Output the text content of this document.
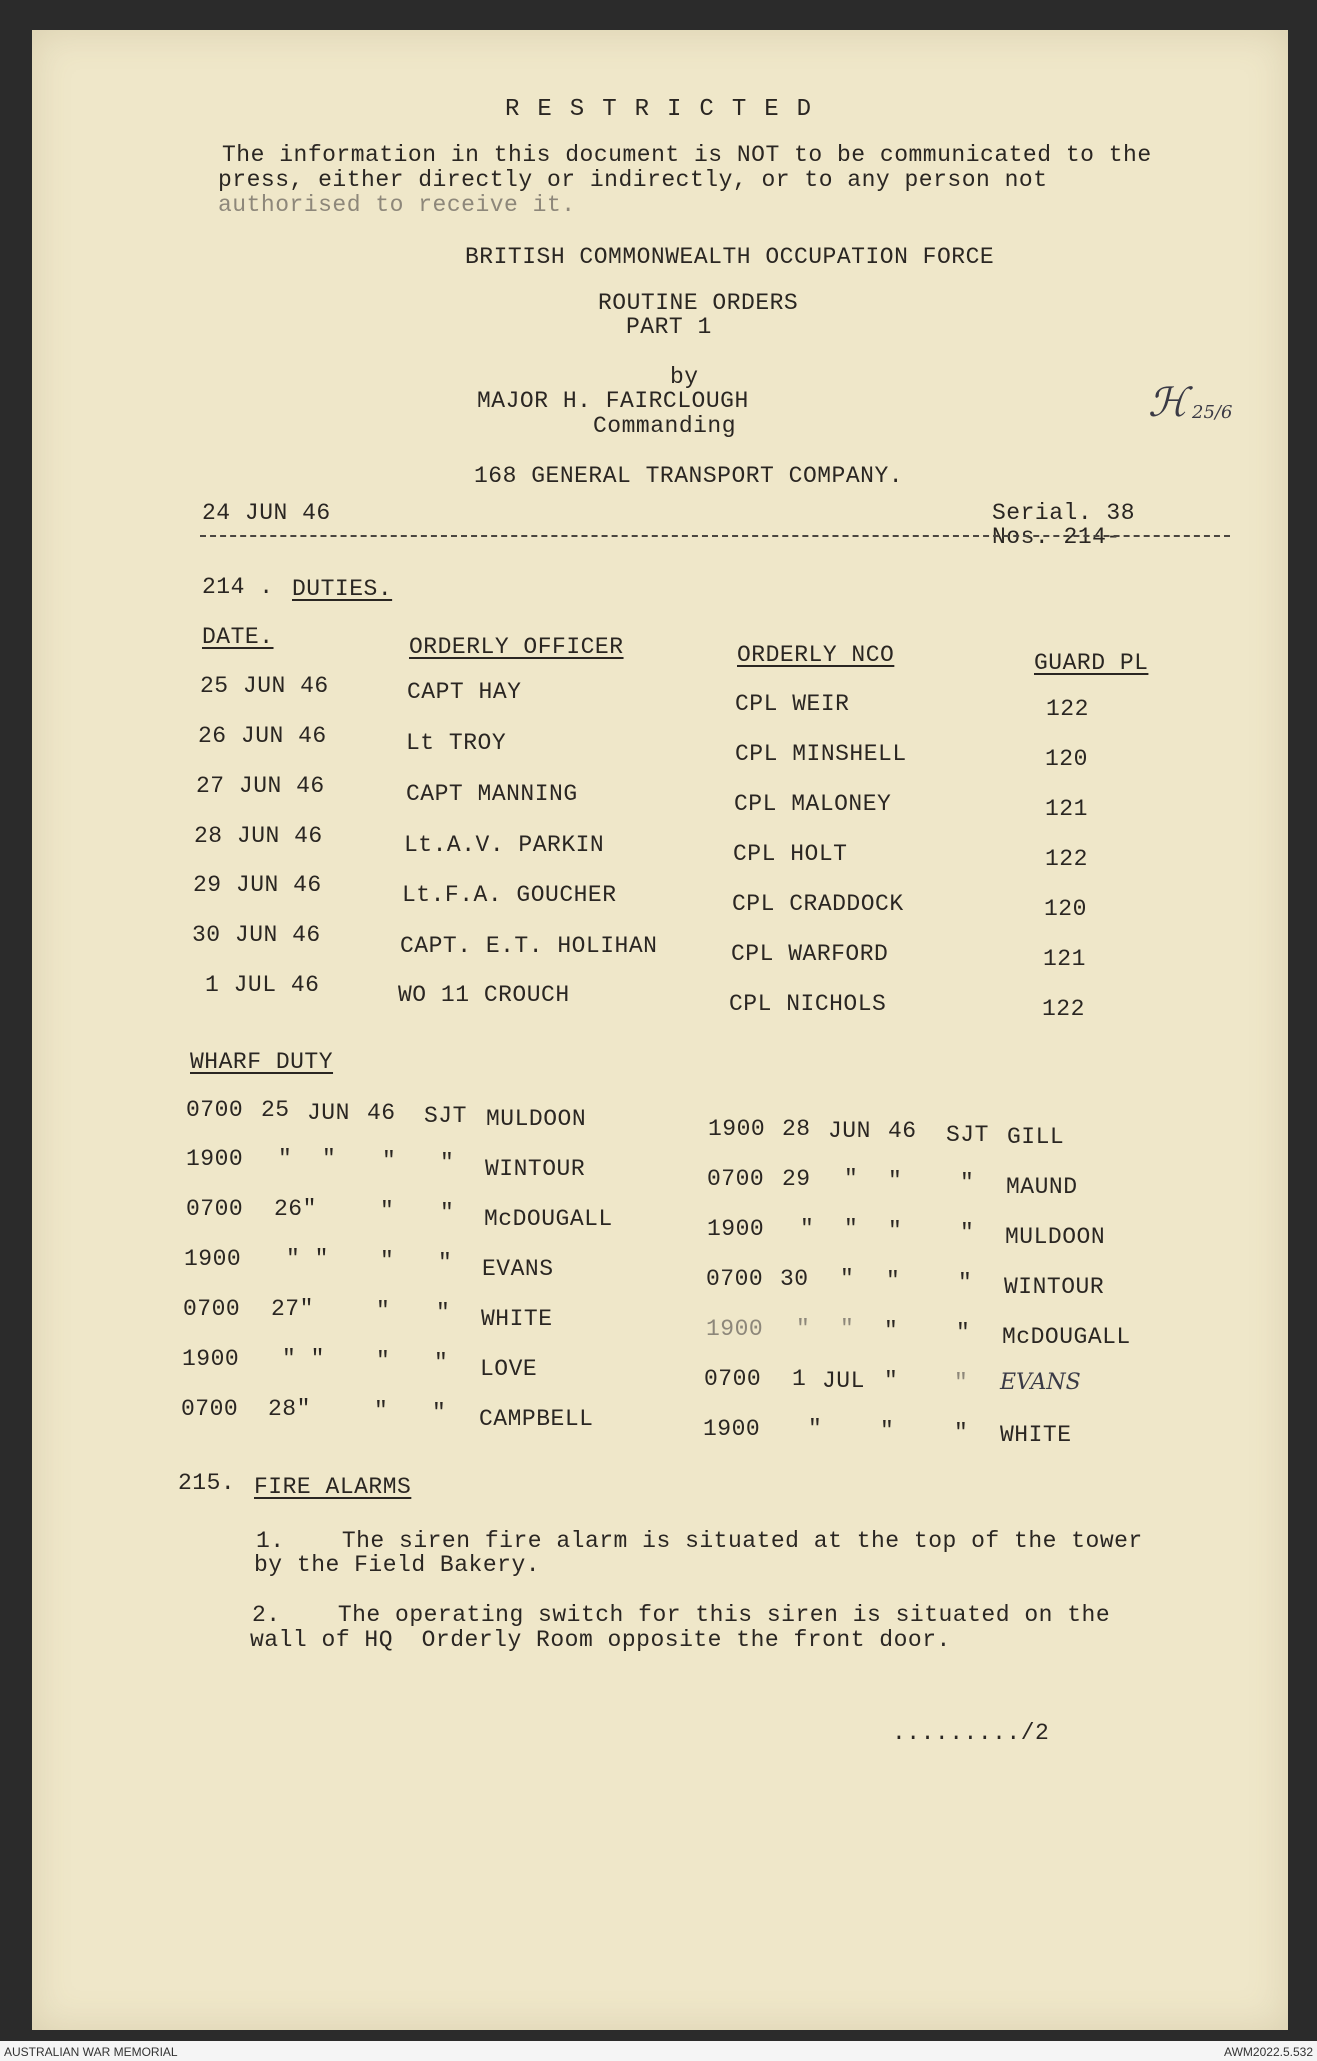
RESTRICTED
The information in this document is NOT to be communicated to the
press, either directly or indirectly, or to any person not
authorised to receive it.
BRITISH COMMONWEALTH OCCUPATION FORCE
ROUTINE ORDERS
PART 1
by
MAJOR H. FAIRCLOUGH
Commanding
168 GENERAL TRANSPORT COMPANY.
ℋ 25/6
24 JUN 46	Serial. 38
Nos. 214-
214 . DUTIES.
DATE.	ORDERLY OFFICER	ORDERLY NCO	GUARD PL
25 JUN 46	CAPT HAY	CPL WEIR	122
26 JUN 46	Lt TROY	CPL MINSHELL	120
27 JUN 46	CAPT MANNING	CPL MALONEY	121
28 JUN 46	Lt.A.V. PARKIN	CPL HOLT	122
29 JUN 46	Lt.F.A. GOUCHER	CPL CRADDOCK	120
30 JUN 46	CAPT. E.T. HOLIHAN	CPL WARFORD	121
1 JUL 46	WO 11 CROUCH	CPL NICHOLS	122
WHARF DUTY
0700 25 JUN 46 SJT MULDOON
1900 " " " " WINTOUR
0700 26"	" " McDOUGALL
1900 " " " " EVANS
0700 27"	" " WHITE
1900 " " " " LOVE
0700 28"	" " CAMPBELL
1900 28 JUN 46 SJT GILL
0700 29 " "	" MAUND
1900 " " "	" MULDOON
0700 30 " "	" WINTOUR
1900 " " "	" McDOUGALL
0700 1 JUL " " EVANS
1900 "	"	" WHITE
215. FIRE ALARMS
1.    The siren fire alarm is situated at the top of the tower
by the Field Bakery.
2.    The operating switch for this siren is situated on the
wall of HQ  Orderly Room opposite the front door.
........./2
AUSTRALIAN WAR MEMORIAL	AWM2022.5.532
